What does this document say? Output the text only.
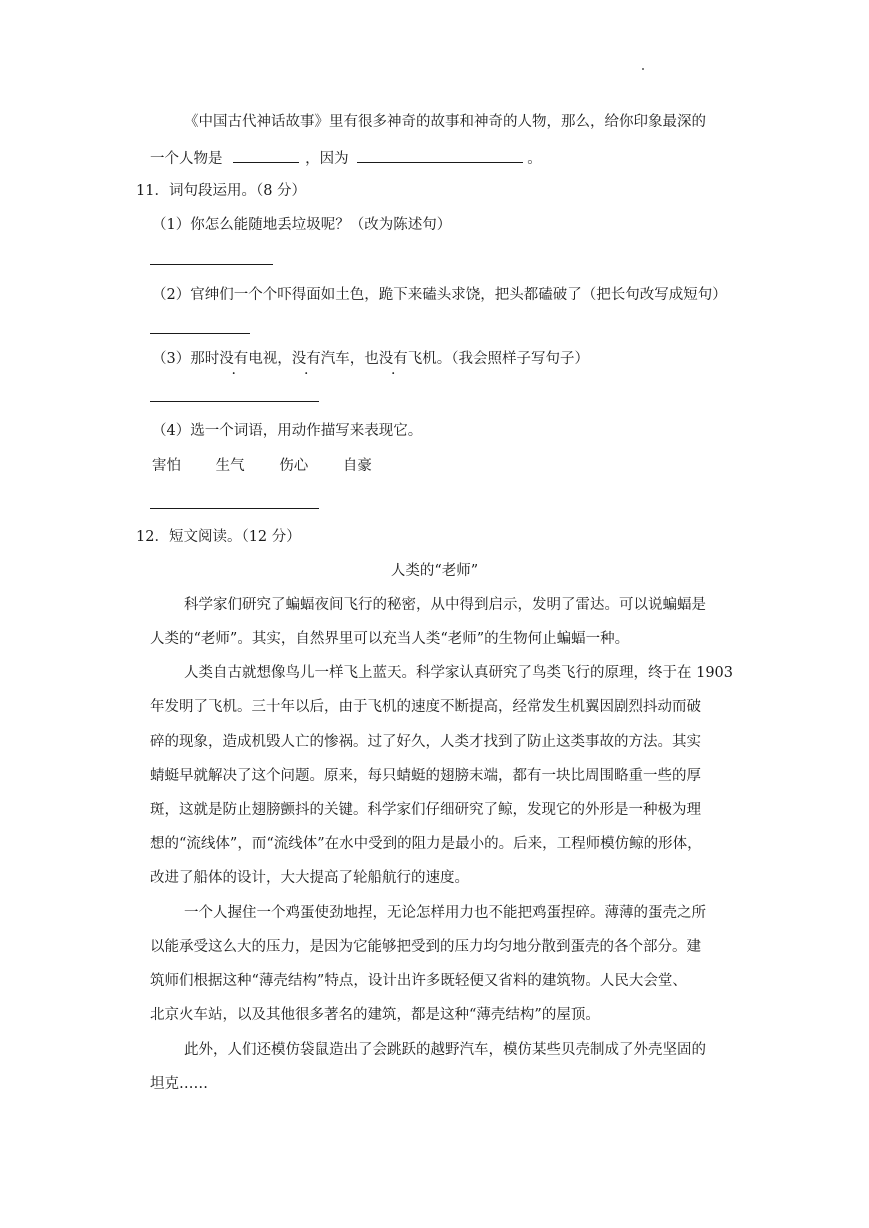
《中国古代神话故事》里有很多神奇的故事和神奇的人物，那么，给你印象最深的
一个人物是	，因为	。
11．词句段运用。（8 分）
（1）你怎么能随地丢垃圾呢？（改为陈述句）
（2）官绅们一个个吓得面如土色，跪下来磕头求饶，把头都磕破了（把长句改写成短句）
（3）那时没有电视，没有汽车，也没有飞机。（我会照样子写句子）
（4）选一个词语，用动作描写来表现它。
害怕 生气 伤心 自豪
12．短文阅读。（12 分）
人类的“老师”
科学家们研究了蝙蝠夜间飞行的秘密，从中得到启示，发明了雷达。可以说蝙蝠是
人类的“老师”。其实，自然界里可以充当人类“老师”的生物何止蝙蝠一种。
人类自古就想像鸟儿一样飞上蓝天。科学家认真研究了鸟类飞行的原理，终于在 1903
年发明了飞机。三十年以后，由于飞机的速度不断提高，经常发生机翼因剧烈抖动而破
碎的现象，造成机毁人亡的惨祸。过了好久，人类才找到了防止这类事故的方法。其实
蜻蜓早就解决了这个问题。原来，每只蜻蜓的翅膀末端，都有一块比周围略重一些的厚
斑，这就是防止翅膀颤抖的关键。科学家们仔细研究了鲸，发现它的外形是一种极为理
想的“流线体”，而“流线体”在水中受到的阻力是最小的。后来，工程师模仿鲸的形体，
改进了船体的设计，大大提高了轮船航行的速度。
一个人握住一个鸡蛋使劲地捏，无论怎样用力也不能把鸡蛋捏碎。薄薄的蛋壳之所
以能承受这么大的压力，是因为它能够把受到的压力均匀地分散到蛋壳的各个部分。建
筑师们根据这种“薄壳结构”特点，设计出许多既轻便又省料的建筑物。人民大会堂、
北京火车站，以及其他很多著名的建筑，都是这种“薄壳结构”的屋顶。
此外，人们还模仿袋鼠造出了会跳跃的越野汽车，模仿某些贝壳制成了外壳坚固的
坦克……
